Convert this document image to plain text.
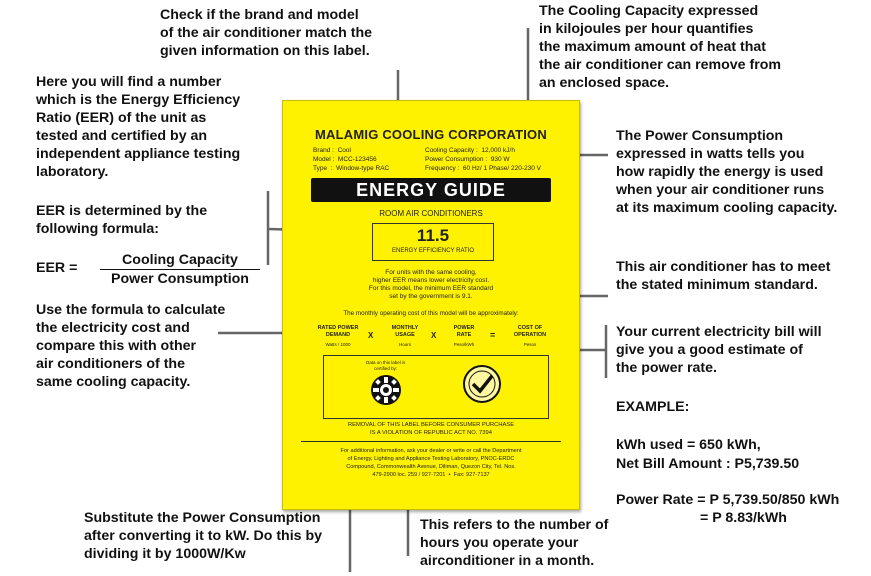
Check if the brand and model
of the air conditioner match the
given information on this label.
The Cooling Capacity expressed
in kilojoules per hour quantifies
the maximum amount of heat that
the air conditioner can remove from
an enclosed space.
Here you will find a number
which is the Energy Efficiency
Ratio (EER) of the unit as
tested and certified by an
independent appliance testing
laboratory.
The Power Consumption
expressed in watts tells you
how rapidly the energy is used
when your air conditioner runs
at its maximum cooling capacity.
EER is determined by the
following formula:
EER =	Cooling Capacity
Power Consumption
This air conditioner has to meet
the stated minimum standard.
Use the formula to calculate
the electricity cost and
compare this with other
air conditioners of the
same cooling capacity.
Your current electricity bill will
give you a good estimate of
the power rate.
EXAMPLE:
kWh used = 650 kWh,
Net Bill Amount : P5,739.50
Power Rate = P 5,739.50/850 kWh
= P 8.83/kWh
Substitute the Power Consumption
after converting it to kW. Do this by
dividing it by 1000W/Kw
This refers to the number of
hours you operate your
airconditioner in a month.
MALAMIG COOLING CORPORATION
Brand :  Cool
Model :  MCC-123456
Type  :  Window-type RAC
Cooling Capacity :  12,000 kJ/h
Power Consumption :  930 W
Frequency :  60 Hz/ 1 Phase/ 220-230 V
ENERGY GUIDE
ROOM AIR CONDITIONERS
11.5
ENERGY EFFICIENCY RATIO
For units with the same cooling,
higher EER means lower electricity cost.
For this model, the minimum EER standard
set by the government is 9.1.
The monthly operating cost of this model will be approximately:
RATED POWER
DEMAND
Watts / 1000
X
MONTHLY
USAGE
Hours
X
POWER
RATE
Peso/kWh
=
COST OF
OPERATION
Pesos
Data on this label is
certified by:
REMOVAL OF THIS LABEL BEFORE CONSUMER PURCHASE
IS A VIOLATION OF REPUBLIC ACT NO. 7394
For additional information, ask your dealer or write or call the Department
of Energy, Lighting and Appliance Testing Laboratory, PNOC-ERDC
Compound, Commonwealth Avenue, Diliman, Quezon City, Tel. Nos.
479-2900 loc. 259 / 927-7201  •  Fax: 927-7137
